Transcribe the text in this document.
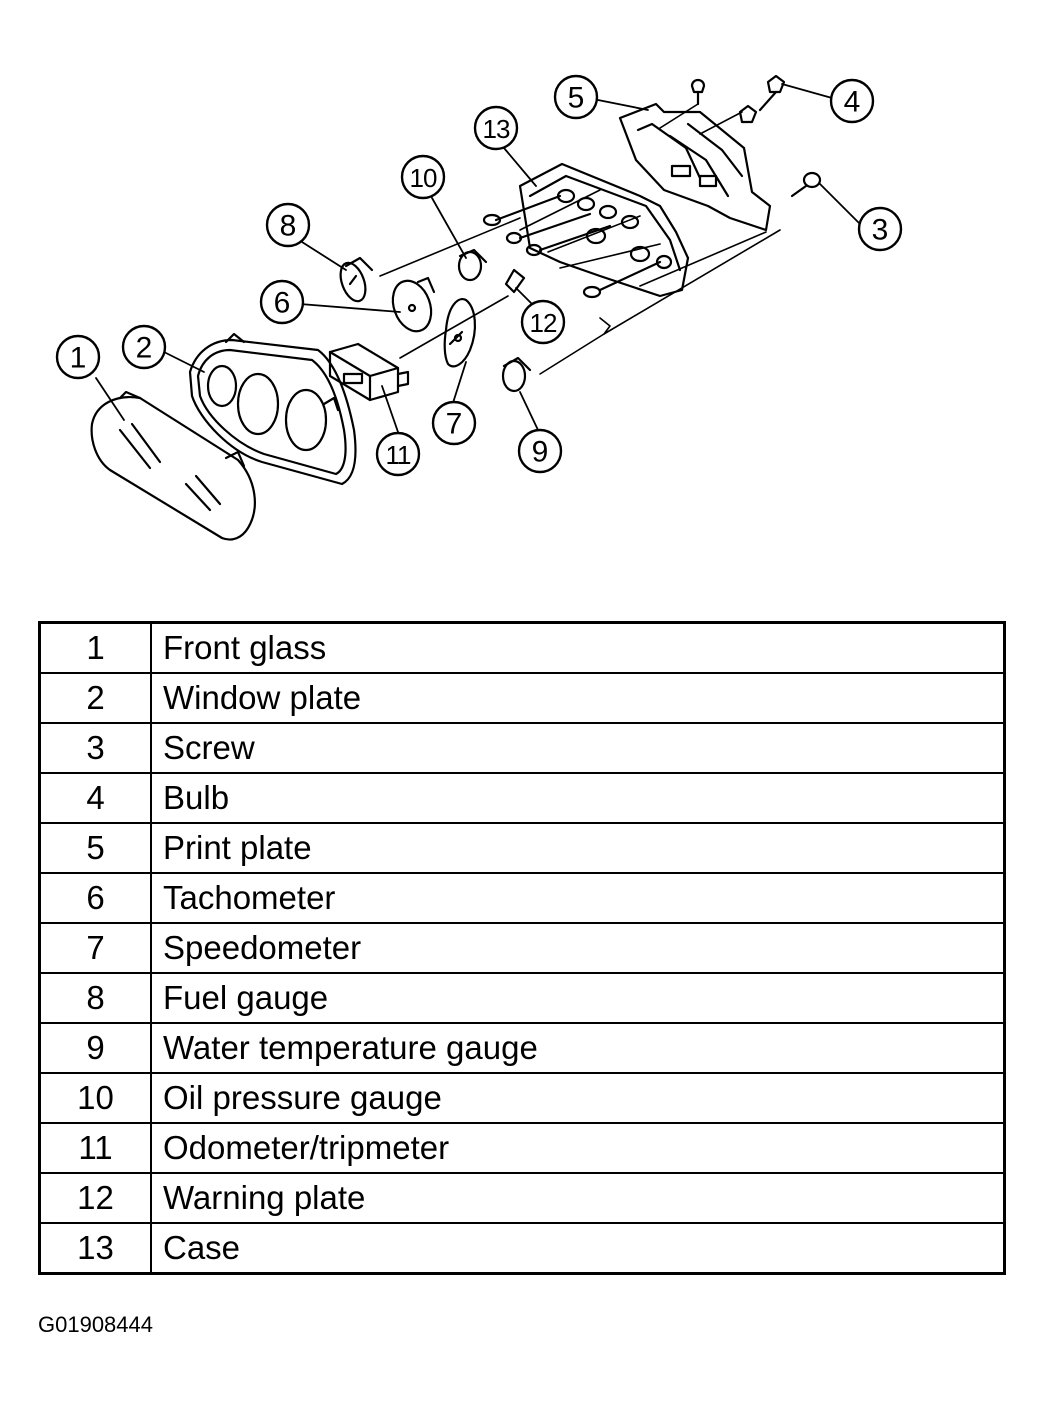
1 2
3
4
5
6
7
8
9
10
11
12
13
1	Front glass
2	Window plate
3	Screw
4	Bulb
5	Print plate
6	Tachometer
7	Speedometer
8	Fuel gauge
9	Water temperature gauge
10	Oil pressure gauge
11	Odometer/tripmeter
12	Warning plate
13	Case
G01908444
